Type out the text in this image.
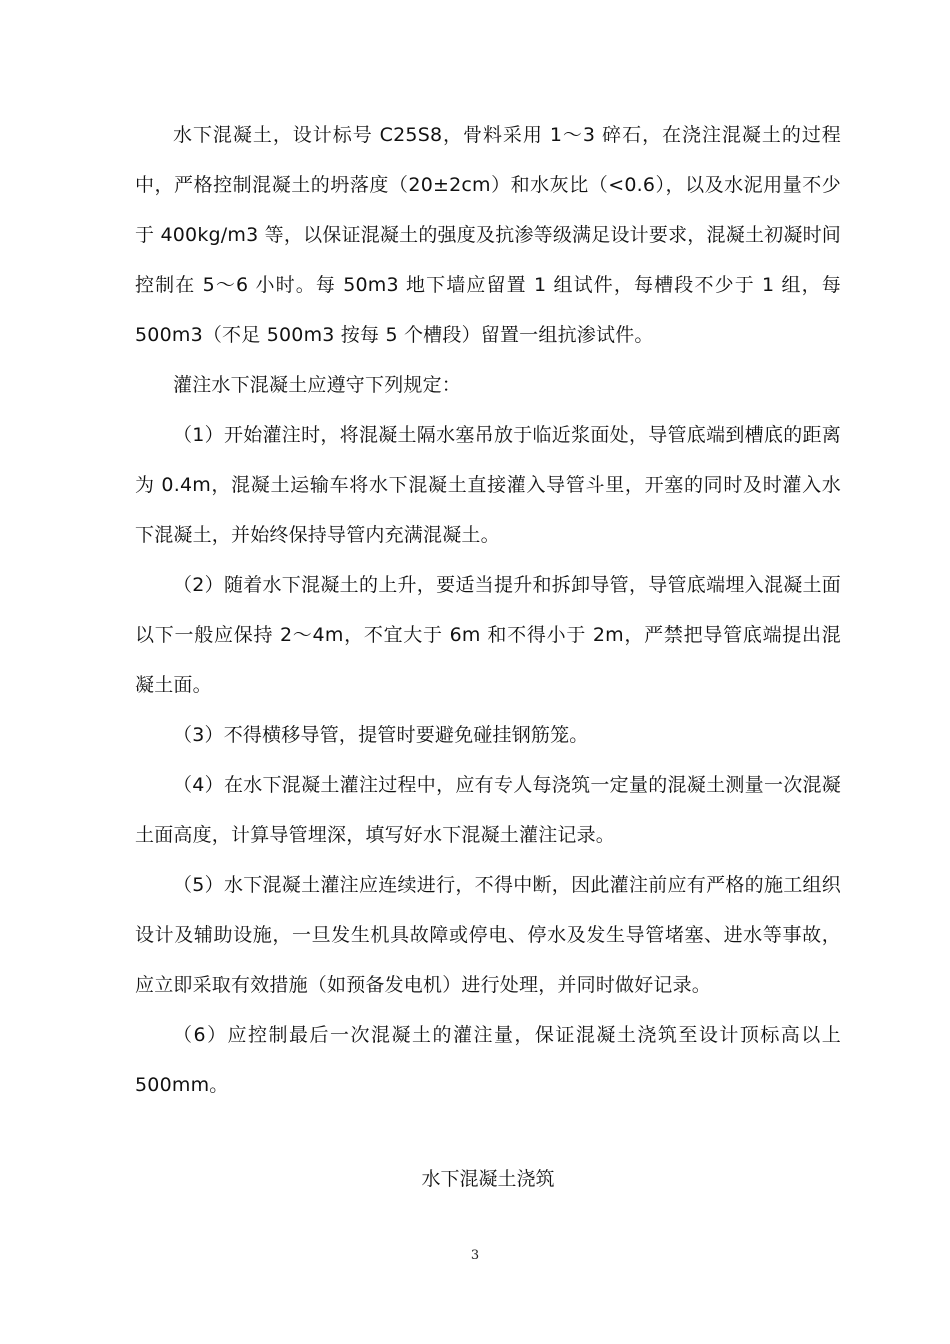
水下混凝土，设计标号 C25S8，骨料采用 1～3 碎石，在浇注混凝土的过程中，严格控制混凝土的坍落度（20±2cm）和水灰比（<0.6），以及水泥用量不少于 400kg/m3 等，以保证混凝土的强度及抗渗等级满足设计要求，混凝土初凝时间控制在 5～6 小时。每 50m3 地下墙应留置 1 组试件，每槽段不少于 1 组，每 500m3（不足 500m3 按每 5 个槽段）留置一组抗渗试件。

灌注水下混凝土应遵守下列规定：

（1）开始灌注时，将混凝土隔水塞吊放于临近浆面处，导管底端到槽底的距离为 0.4m，混凝土运输车将水下混凝土直接灌入导管斗里，开塞的同时及时灌入水下混凝土，并始终保持导管内充满混凝土。

（2）随着水下混凝土的上升，要适当提升和拆卸导管，导管底端埋入混凝土面以下一般应保持 2～4m，不宜大于 6m 和不得小于 2m，严禁把导管底端提出混凝土面。

（3）不得横移导管，提管时要避免碰挂钢筋笼。

（4）在水下混凝土灌注过程中，应有专人每浇筑一定量的混凝土测量一次混凝土面高度，计算导管埋深，填写好水下混凝土灌注记录。

（5）水下混凝土灌注应连续进行，不得中断，因此灌注前应有严格的施工组织设计及辅助设施，一旦发生机具故障或停电、停水及发生导管堵塞、进水等事故，应立即采取有效措施（如预备发电机）进行处理，并同时做好记录。

（6）应控制最后一次混凝土的灌注量，保证混凝土浇筑至设计顶标高以上 500mm。

水下混凝土浇筑
3
